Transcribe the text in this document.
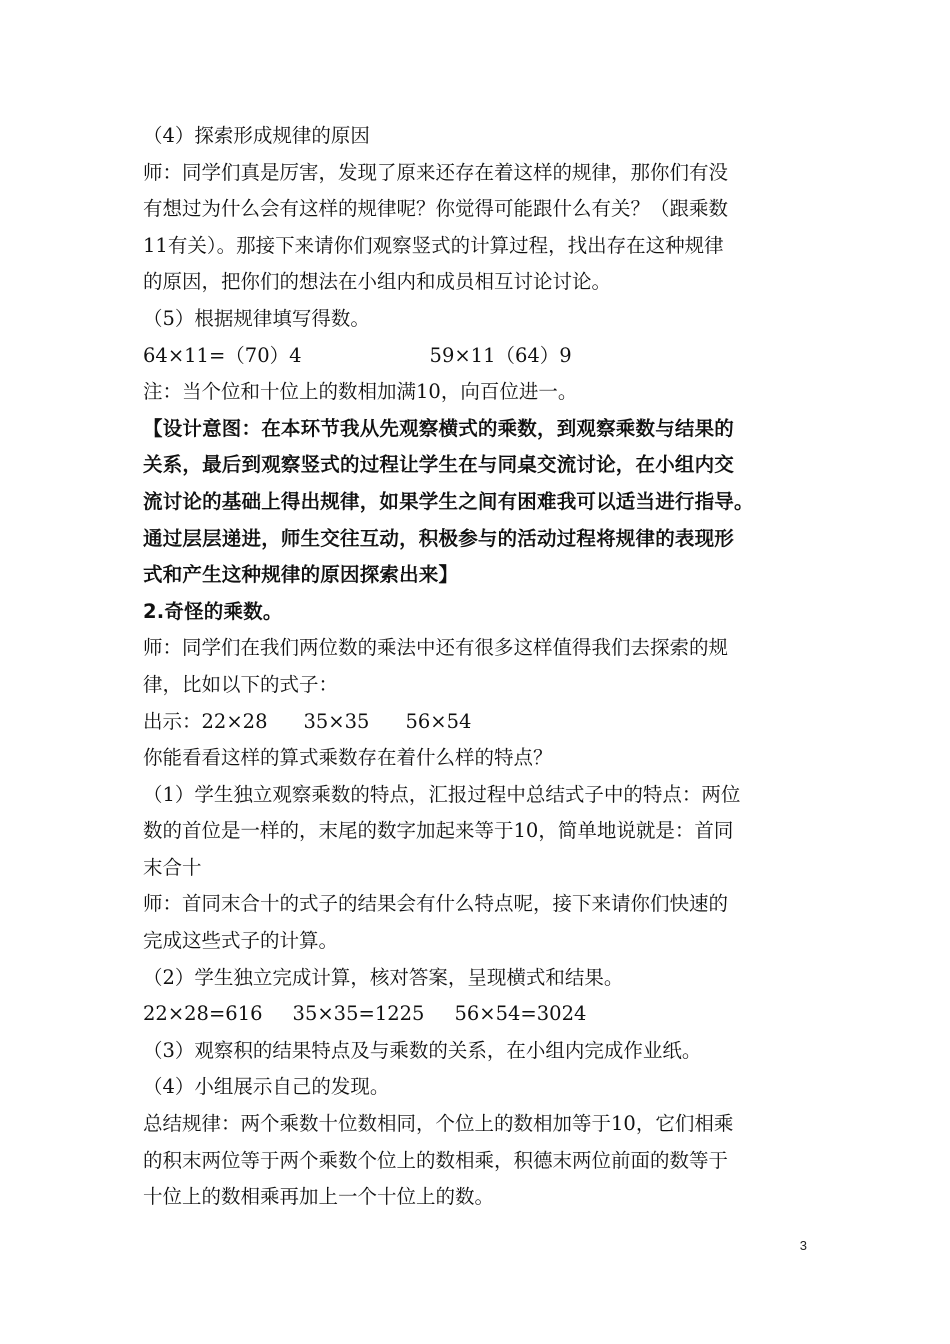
（4）探索形成规律的原因
师：同学们真是厉害，发现了原来还存在着这样的规律，那你们有没
有想过为什么会有这样的规律呢？你觉得可能跟什么有关？（跟乘数
11有关）。那接下来请你们观察竖式的计算过程，找出存在这种规律
的原因，把你们的想法在小组内和成员相互讨论讨论。
（5）根据规律填写得数。
64×11=（70）4	59×11（64）9
注：当个位和十位上的数相加满10，向百位进一。
【设计意图：在本环节我从先观察横式的乘数，到观察乘数与结果的
关系，最后到观察竖式的过程让学生在与同桌交流讨论，在小组内交
流讨论的基础上得出规律，如果学生之间有困难我可以适当进行指导。
通过层层递进，师生交往互动，积极参与的活动过程将规律的表现形
式和产生这种规律的原因探索出来】
2.奇怪的乘数。
师：同学们在我们两位数的乘法中还有很多这样值得我们去探索的规
律，比如以下的式子：
出示：22×28 35×35 56×54
你能看看这样的算式乘数存在着什么样的特点？
（1）学生独立观察乘数的特点，汇报过程中总结式子中的特点：两位
数的首位是一样的，末尾的数字加起来等于10，简单地说就是：首同
末合十
师：首同末合十的式子的结果会有什么特点呢，接下来请你们快速的
完成这些式子的计算。
（2）学生独立完成计算，核对答案，呈现横式和结果。
22×28=616 35×35=1225 56×54=3024
（3）观察积的结果特点及与乘数的关系，在小组内完成作业纸。
（4）小组展示自己的发现。
总结规律：两个乘数十位数相同，个位上的数相加等于10，它们相乘
的积末两位等于两个乘数个位上的数相乘，积德末两位前面的数等于
十位上的数相乘再加上一个十位上的数。
3
